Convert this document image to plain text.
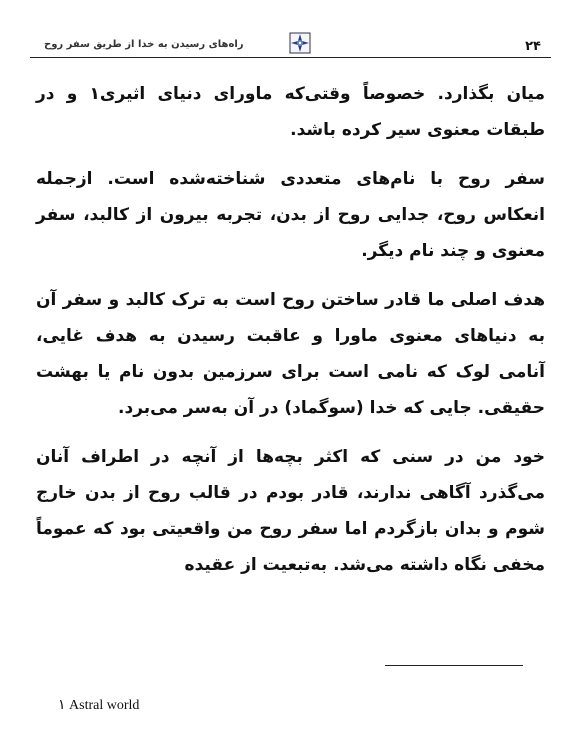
۲۴
راه‌های رسیدن به خدا از طریق سفر روح

میان بگذارد. خصوصاً وقتی‌که ماورای دنیای اثیری۱ و در طبقات معنوی سیر کرده باشد.

سفر روح با نام‌های متعددی شناخته‌شده است. ازجمله انعکاس روح، جدایی روح از بدن، تجربه بیرون از کالبد، سفر معنوی و چند نام دیگر.

هدف اصلی ما قادر ساختن روح است به ترک کالبد و سفر آن به دنیاهای معنوی ماورا و عاقبت رسیدن به هدف غایی، آنامی لوک که نامی است برای سرزمین بدون نام یا بهشت حقیقی. جایی که خدا (سوگماد) در آن به‌سر می‌برد.

خود من در سنی که اکثر بچه‌ها از آنچه در اطراف آنان می‌گذرد آگاهی ندارند، قادر بودم در قالب روح از بدن خارج شوم و بدان بازگردم اما سفر روح من واقعیتی بود که عموماً مخفی نگاه داشته می‌شد. به‌تبعیت از عقیده

۱ Astral world
